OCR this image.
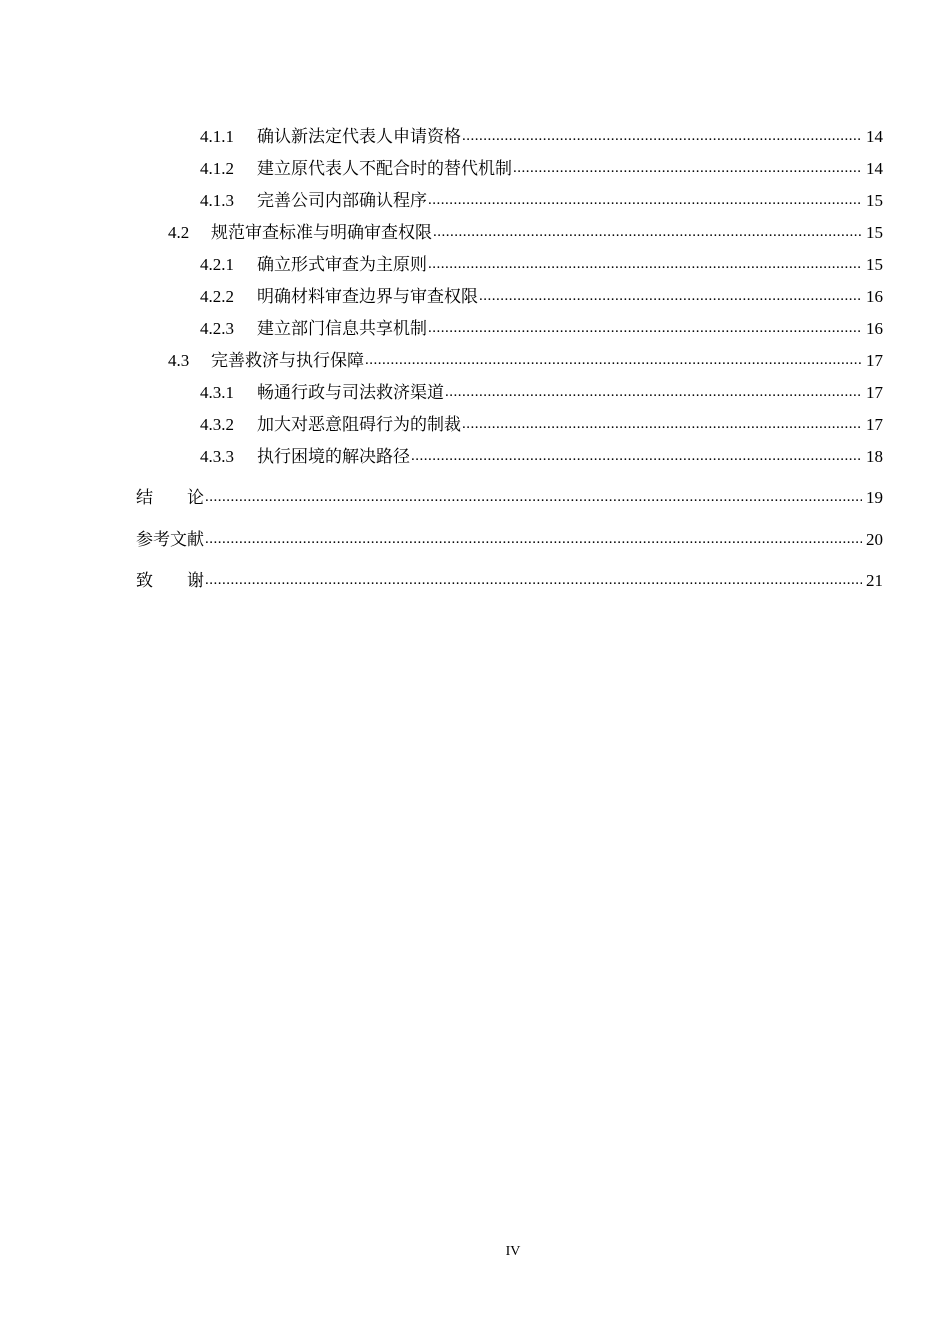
4.1.1	确认新法定代表人申请资格 .....	14
4.1.2	建立原代表人不配合时的替代机制 .....	14
4.1.3	完善公司内部确认程序 .....	15
4.2	规范审查标准与明确审查权限 .....	15
4.2.1	确立形式审查为主原则 .....	15
4.2.2	明确材料审查边界与审查权限 .....	16
4.2.3	建立部门信息共享机制 .....	16
4.3	完善救济与执行保障 .....	17
4.3.1	畅通行政与司法救济渠道 .....	17
4.3.2	加大对恶意阻碍行为的制裁 .....	17
4.3.3	执行困境的解决路径 .....	18
结　　论 .....	19
参考文献 .....	20
致　　谢 .....	21
IV
